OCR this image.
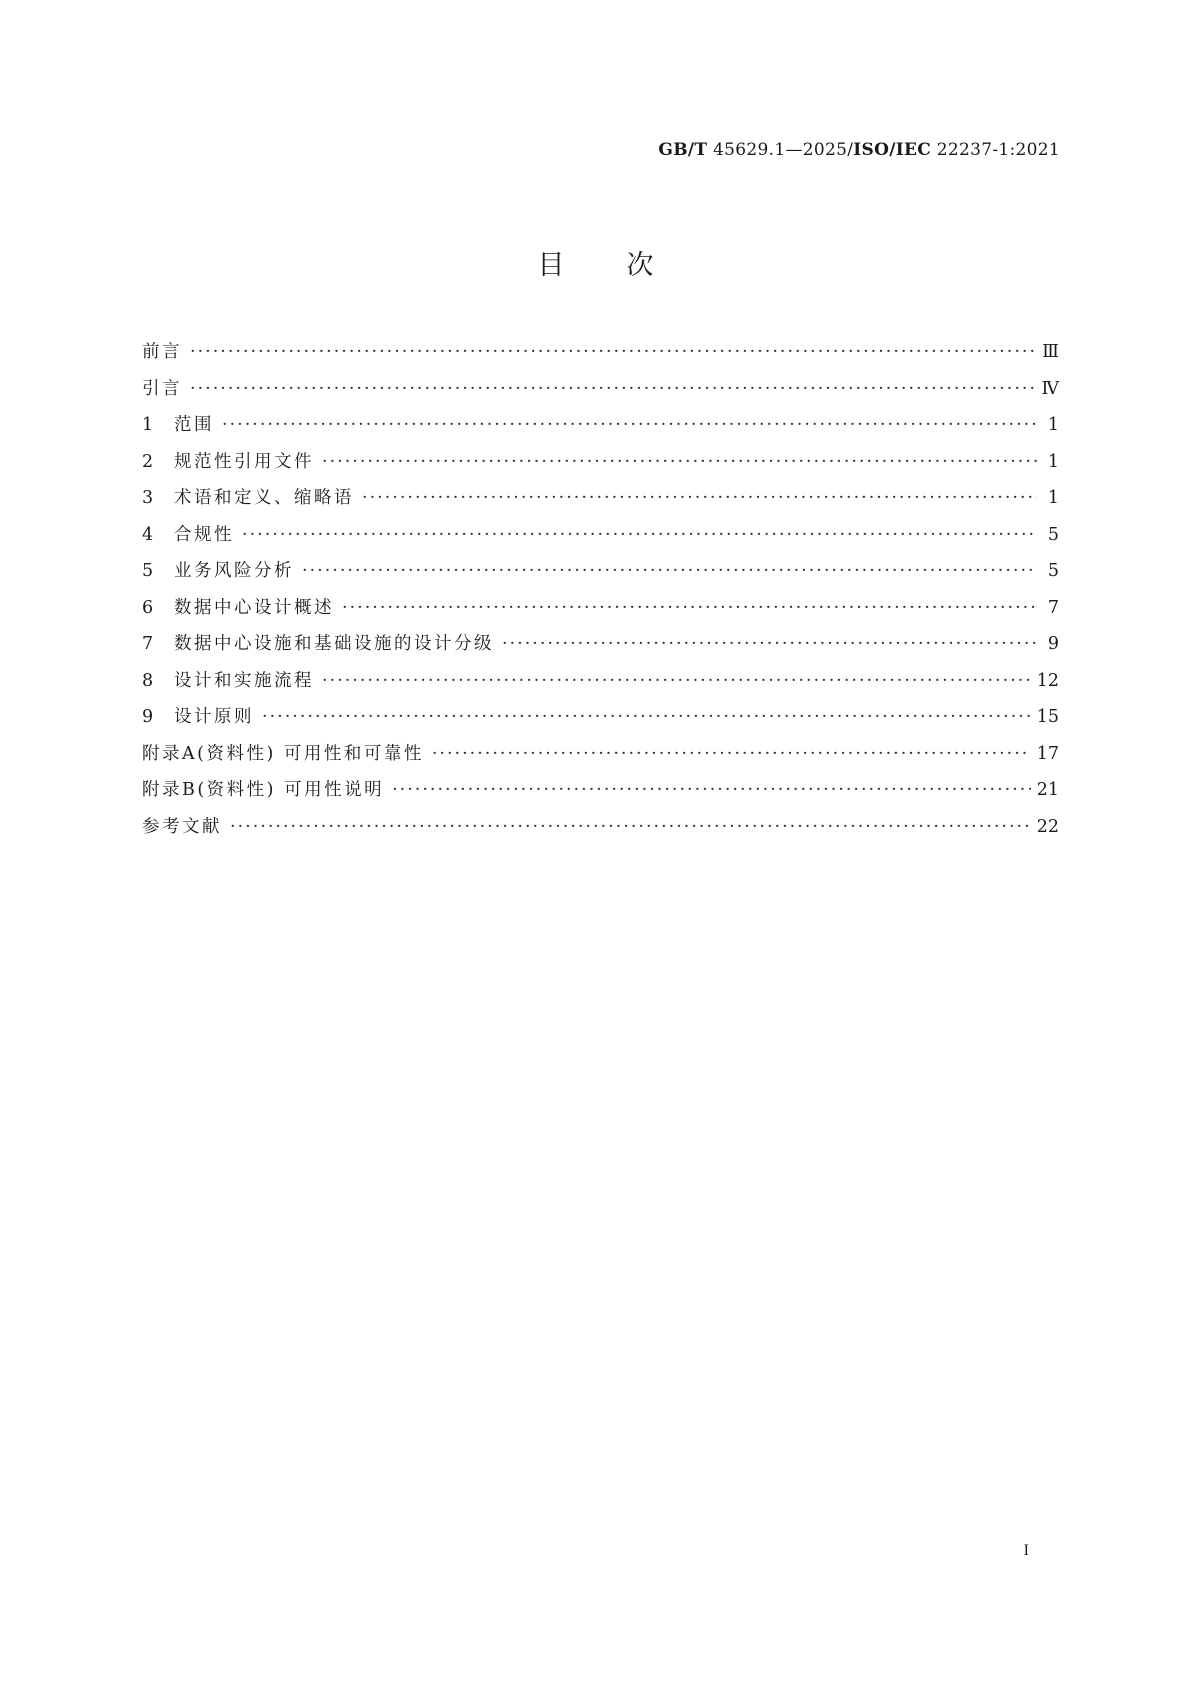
GB/T 45629.1—2025/ISO/IEC 22237-1:2021
目次
前言 ·····	Ⅲ
引言 ·····	Ⅳ
1	范围 ·····	1
2	规范性引用文件 ·····	1
3	术语和定义、缩略语 ·····	1
4	合规性 ·····	5
5	业务风险分析 ·····	5
6	数据中心设计概述 ·····	7
7	数据中心设施和基础设施的设计分级 ·····	9
8	设计和实施流程 ·····	12
9	设计原则 ·····	15
附录A(资料性) 可用性和可靠性 ·····	17
附录B(资料性) 可用性说明 ·····	21
参考文献 ·····	22
I
